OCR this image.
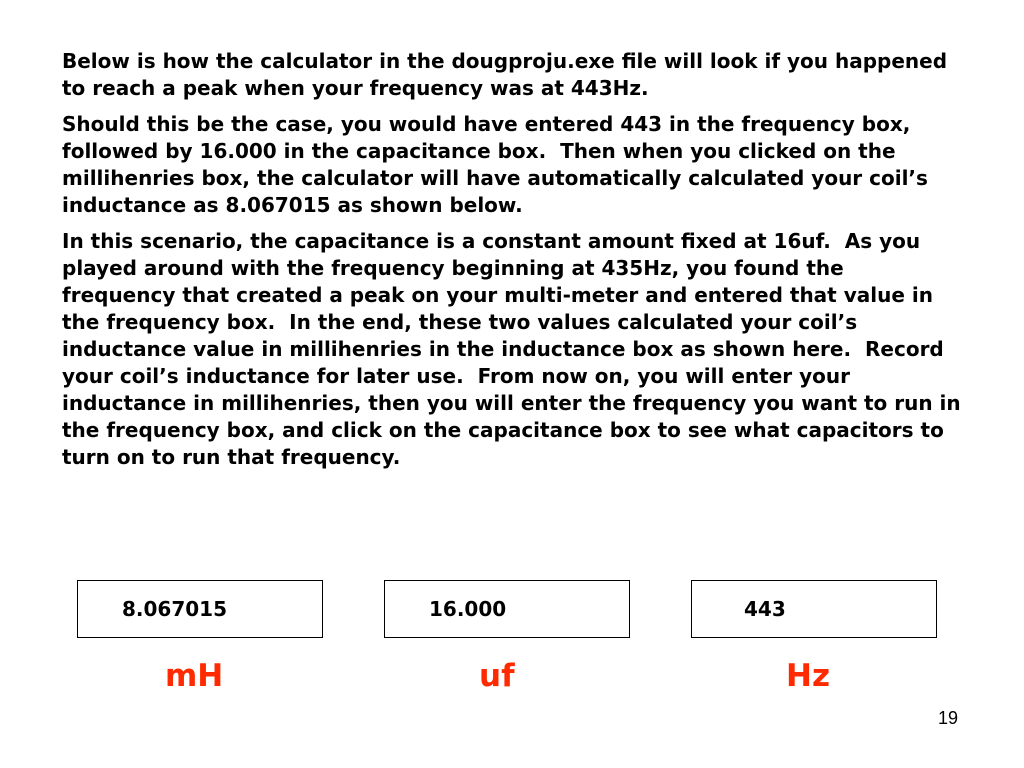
Below is how the calculator in the dougproju.exe file will look if you happened to reach a peak when your frequency was at 443Hz.

Should this be the case, you would have entered 443 in the frequency box, followed by 16.000 in the capacitance box.  Then when you clicked on the millihenries box, the calculator will have automatically calculated your coil’s inductance as 8.067015 as shown below.

In this scenario, the capacitance is a constant amount fixed at 16uf.  As you played around with the frequency beginning at 435Hz, you found the frequency that created a peak on your multi-meter and entered that value in the frequency box.  In the end, these two values calculated your coil’s inductance value in millihenries in the inductance box as shown here.  Record your coil’s inductance for later use.  From now on, you will enter your inductance in millihenries, then you will enter the frequency you want to run in the frequency box, and click on the capacitance box to see what capacitors to turn on to run that frequency.

8.067015	16.000	443
mH	uf	Hz
19
